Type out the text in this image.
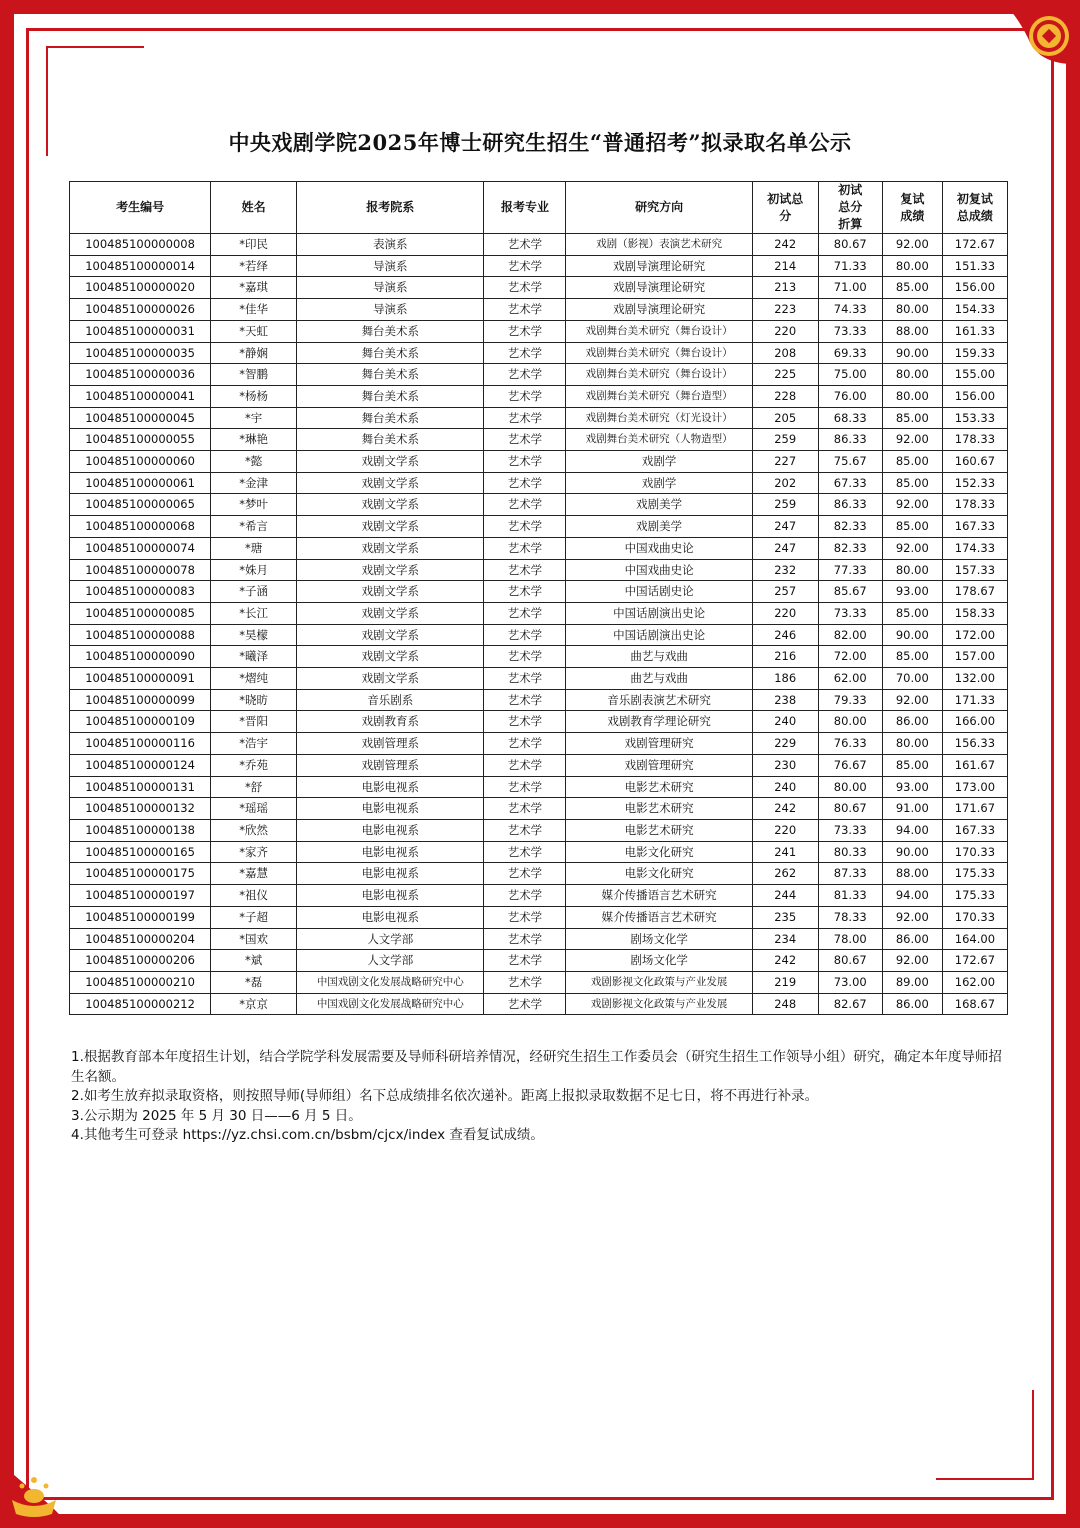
中央戏剧学院2025年博士研究生招生“普通招考”拟录取名单公示
考生编号	姓名	报考院系	报考专业	研究方向	初试总分	初试总分折算	复试成绩	初复试总成绩
100485100000008	*印民	表演系	艺术学	戏剧（影视）表演艺术研究	242	80.67	92.00	172.67
100485100000014	*若绎	导演系	艺术学	戏剧导演理论研究	214	71.33	80.00	151.33
100485100000020	*嘉琪	导演系	艺术学	戏剧导演理论研究	213	71.00	85.00	156.00
100485100000026	*佳华	导演系	艺术学	戏剧导演理论研究	223	74.33	80.00	154.33
100485100000031	*天虹	舞台美术系	艺术学	戏剧舞台美术研究（舞台设计）	220	73.33	88.00	161.33
100485100000035	*静娴	舞台美术系	艺术学	戏剧舞台美术研究（舞台设计）	208	69.33	90.00	159.33
100485100000036	*智鹏	舞台美术系	艺术学	戏剧舞台美术研究（舞台设计）	225	75.00	80.00	155.00
100485100000041	*杨杨	舞台美术系	艺术学	戏剧舞台美术研究（舞台造型）	228	76.00	80.00	156.00
100485100000045	*宇	舞台美术系	艺术学	戏剧舞台美术研究（灯光设计）	205	68.33	85.00	153.33
100485100000055	*琳艳	舞台美术系	艺术学	戏剧舞台美术研究（人物造型）	259	86.33	92.00	178.33
100485100000060	*懿	戏剧文学系	艺术学	戏剧学	227	75.67	85.00	160.67
100485100000061	*金津	戏剧文学系	艺术学	戏剧学	202	67.33	85.00	152.33
100485100000065	*梦叶	戏剧文学系	艺术学	戏剧美学	259	86.33	92.00	178.33
100485100000068	*希言	戏剧文学系	艺术学	戏剧美学	247	82.33	85.00	167.33
100485100000074	*瑭	戏剧文学系	艺术学	中国戏曲史论	247	82.33	92.00	174.33
100485100000078	*姝月	戏剧文学系	艺术学	中国戏曲史论	232	77.33	80.00	157.33
100485100000083	*子涵	戏剧文学系	艺术学	中国话剧史论	257	85.67	93.00	178.67
100485100000085	*长江	戏剧文学系	艺术学	中国话剧演出史论	220	73.33	85.00	158.33
100485100000088	*昊檬	戏剧文学系	艺术学	中国话剧演出史论	246	82.00	90.00	172.00
100485100000090	*曦泽	戏剧文学系	艺术学	曲艺与戏曲	216	72.00	85.00	157.00
100485100000091	*熠纯	戏剧文学系	艺术学	曲艺与戏曲	186	62.00	70.00	132.00
100485100000099	*晓昉	音乐剧系	艺术学	音乐剧表演艺术研究	238	79.33	92.00	171.33
100485100000109	*晋阳	戏剧教育系	艺术学	戏剧教育学理论研究	240	80.00	86.00	166.00
100485100000116	*浩宇	戏剧管理系	艺术学	戏剧管理研究	229	76.33	80.00	156.33
100485100000124	*乔苑	戏剧管理系	艺术学	戏剧管理研究	230	76.67	85.00	161.67
100485100000131	*舒	电影电视系	艺术学	电影艺术研究	240	80.00	93.00	173.00
100485100000132	*瑶瑶	电影电视系	艺术学	电影艺术研究	242	80.67	91.00	171.67
100485100000138	*欣然	电影电视系	艺术学	电影艺术研究	220	73.33	94.00	167.33
100485100000165	*家齐	电影电视系	艺术学	电影文化研究	241	80.33	90.00	170.33
100485100000175	*嘉慧	电影电视系	艺术学	电影文化研究	262	87.33	88.00	175.33
100485100000197	*祖仪	电影电视系	艺术学	媒介传播语言艺术研究	244	81.33	94.00	175.33
100485100000199	*子超	电影电视系	艺术学	媒介传播语言艺术研究	235	78.33	92.00	170.33
100485100000204	*国欢	人文学部	艺术学	剧场文化学	234	78.00	86.00	164.00
100485100000206	*斌	人文学部	艺术学	剧场文化学	242	80.67	92.00	172.67
100485100000210	*磊	中国戏剧文化发展战略研究中心	艺术学	戏剧影视文化政策与产业发展	219	73.00	89.00	162.00
100485100000212	*京京	中国戏剧文化发展战略研究中心	艺术学	戏剧影视文化政策与产业发展	248	82.67	86.00	168.67

1.根据教育部本年度招生计划，结合学院学科发展需要及导师科研培养情况，经研究生招生工作委员会（研究生招生工作领导小组）研究，确定本年度导师招生名额。

2.如考生放弃拟录取资格，则按照导师(导师组）名下总成绩排名依次递补。距离上报拟录取数据不足七日，将不再进行补录。

3.公示期为 2025 年 5 月 30 日——6 月 5 日。

4.其他考生可登录 https://yz.chsi.com.cn/bsbm/cjcx/index 查看复试成绩。
